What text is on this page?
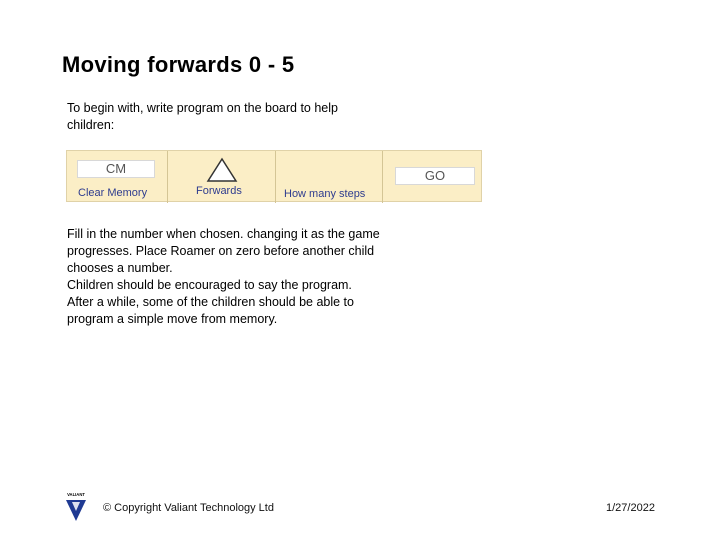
Moving forwards 0 - 5
To begin with, write program on the board to help children:
CM
Clear Memory	Forwards	How many steps
GO

Fill in the number when chosen. changing it as the game progresses. Place Roamer on zero before another child chooses a number.

Children should be encouraged to say the program.

After a while, some of the children should be able to program a simple move from memory.

VALIANT
© Copyright Valiant Technology Ltd	1/27/2022
